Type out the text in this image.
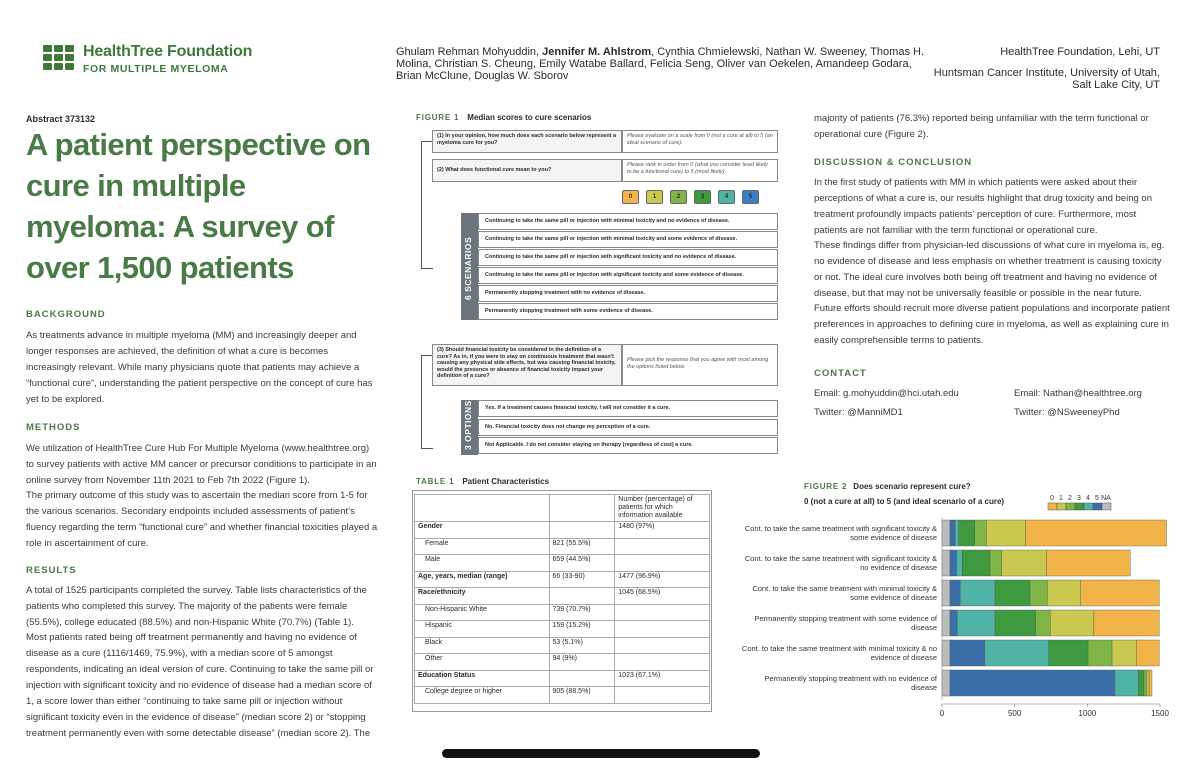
HealthTree Foundation
FOR MULTIPLE MYELOMA
Ghulam Rehman Mohyuddin, Jennifer M. Ahlstrom, Cynthia Chmielewski, Nathan W. Sweeney, Thomas H. Molina, Christian S. Cheung, Emily Watabe Ballard, Felicia Seng, Oliver van Oekelen, Amandeep Godara, Brian McClune, Douglas W. Sborov
HealthTree Foundation, Lehi, UT
Huntsman Cancer Institute, University of Utah, Salt Lake City, UT
Abstract 373132
A patient perspective on cure in multiple myeloma: A survey of over 1,500 patients
BACKGROUND
As treatments advance in multiple myeloma (MM) and increasingly deeper and longer responses are achieved, the definition of what a cure is becomes increasingly relevant. While many physicians quote that patients may achieve a “functional cure”, understanding the patient perspective on the concept of cure has yet to be explored.
METHODS
We utilization of HealthTree Cure Hub For Multiple Myeloma (www.healthtree.org) to survey patients with active MM cancer or precursor conditions to participate in an online survey from November 11th 2021 to Feb 7th 2022 (Figure 1).
The primary outcome of this study was to ascertain the median score from 1-5 for the various scenarios. Secondary endpoints included assessments of patient’s fluency regarding the term “functional cure” and whether financial toxicities played a role in ascertainment of cure.
RESULTS
A total of 1525 participants completed the survey. Table lists characteristics of the patients who completed this survey. The majority of the patients were female (55.5%), college educated (88.5%) and non-Hispanic White (70.7%) (Table 1).
Most patients rated being off treatment permanently and having no evidence of disease as a cure (1116/1469, 75.9%), with a median score of 5 amongst respondents, indicating an ideal version of cure. Continuing to take the same pill or injection with significant toxicity and no evidence of disease had a median score of 1, a score lower than either “continuing to take same pill or injection without significant toxicity even in the evidence of disease” (median score 2) or “stopping treatment permanently even with some detectable disease” (median score 2). The
FIGURE 1 Median scores to cure scenarios
(1) In your opinion, how much does each scenario below represent a myeloma cure for you?
Please evaluate on a scale from 0 (not a cure at all) to 5 (an ideal scenario of cure).
(2) What does functional cure mean to you?
Please rank in order from 0 (what you consider least likely to be a functional cure) to 5 (most likely).
0	1	2	3	4	5
6 SCENARIOS
Continuing to take the same pill or injection with minimal toxicity and no evidence of disease.
Continuing to take the same pill or injection with minimal toxicity and some evidence of disease.
Continuing to take the same pill or injection with significant toxicity and no evidence of disease.
Continuing to take the same pill or injection with significant toxicity and some evidence of disease.
Permanently stopping treatment with no evidence of disease.
Permanently stopping treatment with some evidence of disease.
(3) Should financial toxicity be considered in the definition of a cure? As in, if you were to stay on continuous treatment that wasn't causing any physical side effects, but was causing financial toxicity, would the presence or absence of financial toxicity impact your definition of a cure?
Please pick the response that you agree with most among the options listed below.
3 OPTIONS	Yes. If a treatment causes financial toxicity, I will not consider it a cure.
No. Financial toxicity does not change my perception of a cure.
Not Applicable. I do not consider staying on therapy (regardless of cost) a cure.
TABLE 1 Patient Characteristics
		Number (percentage) of patients for which information available
Gender		1480 (97%)
Female	821 (55.5%)	
Male	659 (44.5%)	
Age, years, median (range)	66 (33-90)	1477 (96.9%)
Race/ethnicity		1045 (68.5%)
Non-Hispanic White	739 (70.7%)	
Hispanic	159 (15.2%)	
Black	53 (5.1%)	
Other	94 (9%)	
Education Status		1023 (67.1%)
College degree or higher	905 (88.5%)	
majority of patients (76.3%) reported being unfamiliar with the term functional or operational cure (Figure 2).
DISCUSSION & CONCLUSION
In the first study of patients with MM in which patients were asked about their perceptions of what a cure is, our results highlight that drug toxicity and being on treatment profoundly impacts patients’ perception of cure. Furthermore, most patients are not familiar with the term functional or operational cure.
These findings differ from physician-led discussions of what cure in myeloma is, eg. no evidence of disease and less emphasis on whether treatment is causing toxicity or not. The ideal cure involves both being off treatment and having no evidence of disease, but that may not be universally feasible or possible in the near future.
Future efforts should recruit more diverse patient populations and incorporate patient preferences in approaches to defining cure in myeloma, as well as explaining cure in easily comprehensible terms to patients.
CONTACT
Email: g.mohyuddin@hci.utah.edu	Email: Nathan@healthtree.org
Twitter: @ManniMD1	Twitter: @NSweeneyPhd
FIGURE 2 Does scenario represent cure?
0 (not a cure at all) to 5 (and ideal scenario of a cure)
Cont. to take the same treatment with significant toxicity & some evidence of disease
Cont. to take the same treatment with significant toxicity & no evidence of disease
Cont. to take the same treatment with minimal toxicity & some evidence of disease
Permanently stopping treatment with some evidence of disease
Cont. to take the same treatment with minimal toxicity & no evidence of disease
Permanently stopping treatment with no evidence of disease
0 1 2 3 4 5 NA
0	500	1000	1500
